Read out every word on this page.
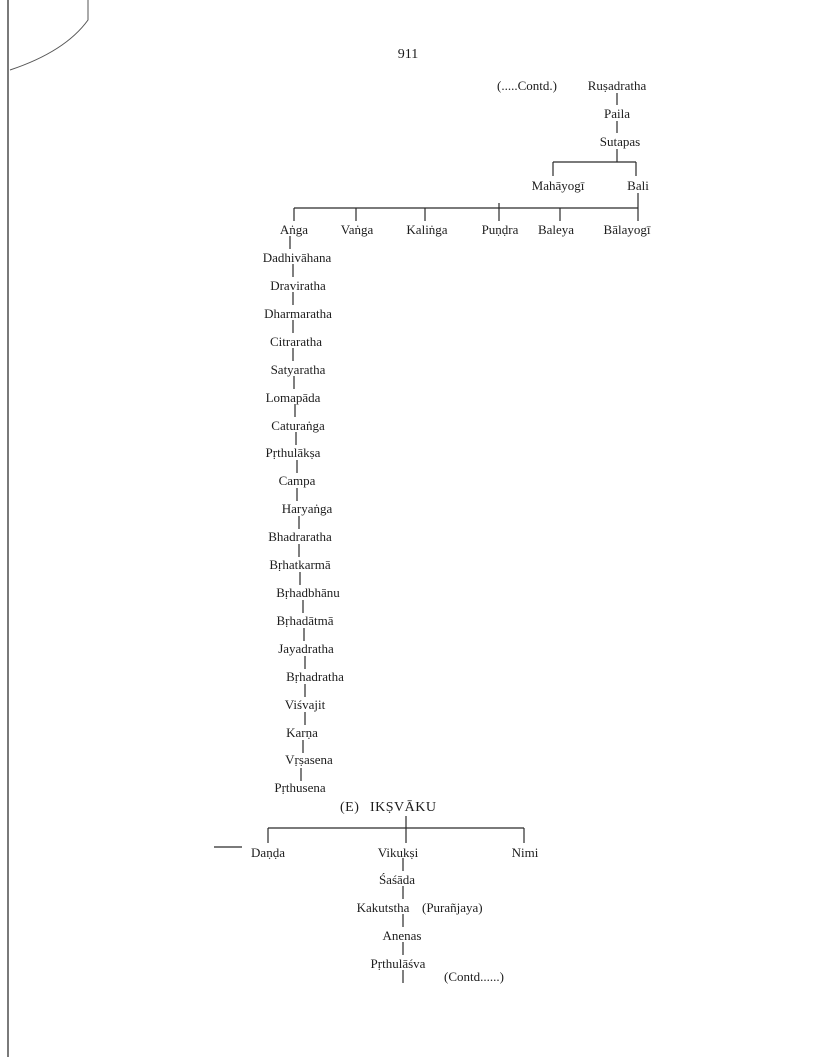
911
(.....Contd.) Ruṣadratha
Paila
Sutapas
Mahāyogī	Bali
Aṅga	Vaṅga	Kaliṅga	Puṇḍra Baleya Bālayogī
Dadhivāhana
Draviratha
Dharmaratha
Citraratha
Satyaratha
Lomapāda
Caturaṅga
Pṛthulākṣa
Campa
Haryaṅga
Bhadraratha
Bṛhatkarmā
Bṛhadbhānu
Bṛhadātmā
Jayadratha
Bṛhadratha
Viśvajit
Karṇa
Vṛṣasena
Pṛthusena
(E) IKṢVĀKU
Daṇḍa	Vikukṣi	Nimi
Śaśāda
Kakutstha (Purañjaya)
Anenas
Pṛthulāśva
(Contd......)
